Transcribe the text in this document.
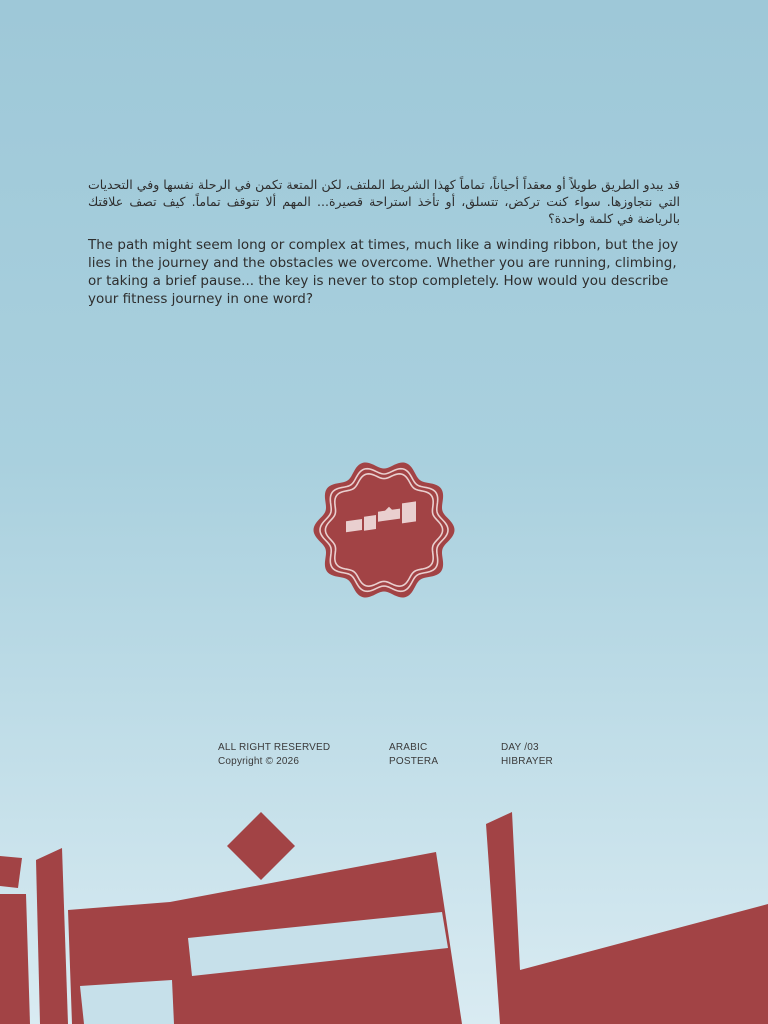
قد يبدو الطريق طويلاً أو معقداً أحياناً، تماماً كهذا الشريط الملتف، لكن المتعة تكمن في الرحلة نفسها وفي التحديات التي نتجاوزها. سواء كنت تركض، تتسلق، أو تأخذ استراحة قصيرة... المهم ألا تتوقف تماماً. كيف تصف علاقتك بالرياضة في كلمة واحدة؟

The path might seem long or complex at times, much like a winding ribbon, but the joy lies in the journey and the obstacles we overcome. Whether you are running, climbing, or taking a brief pause... the key is never to stop completely. How would you describe your fitness journey in one word?

رياضة
ALL RIGHT RESERVED
Copyright © 2026
ARABIC
POSTERA
DAY /03
HIBRAYER
رياضة
